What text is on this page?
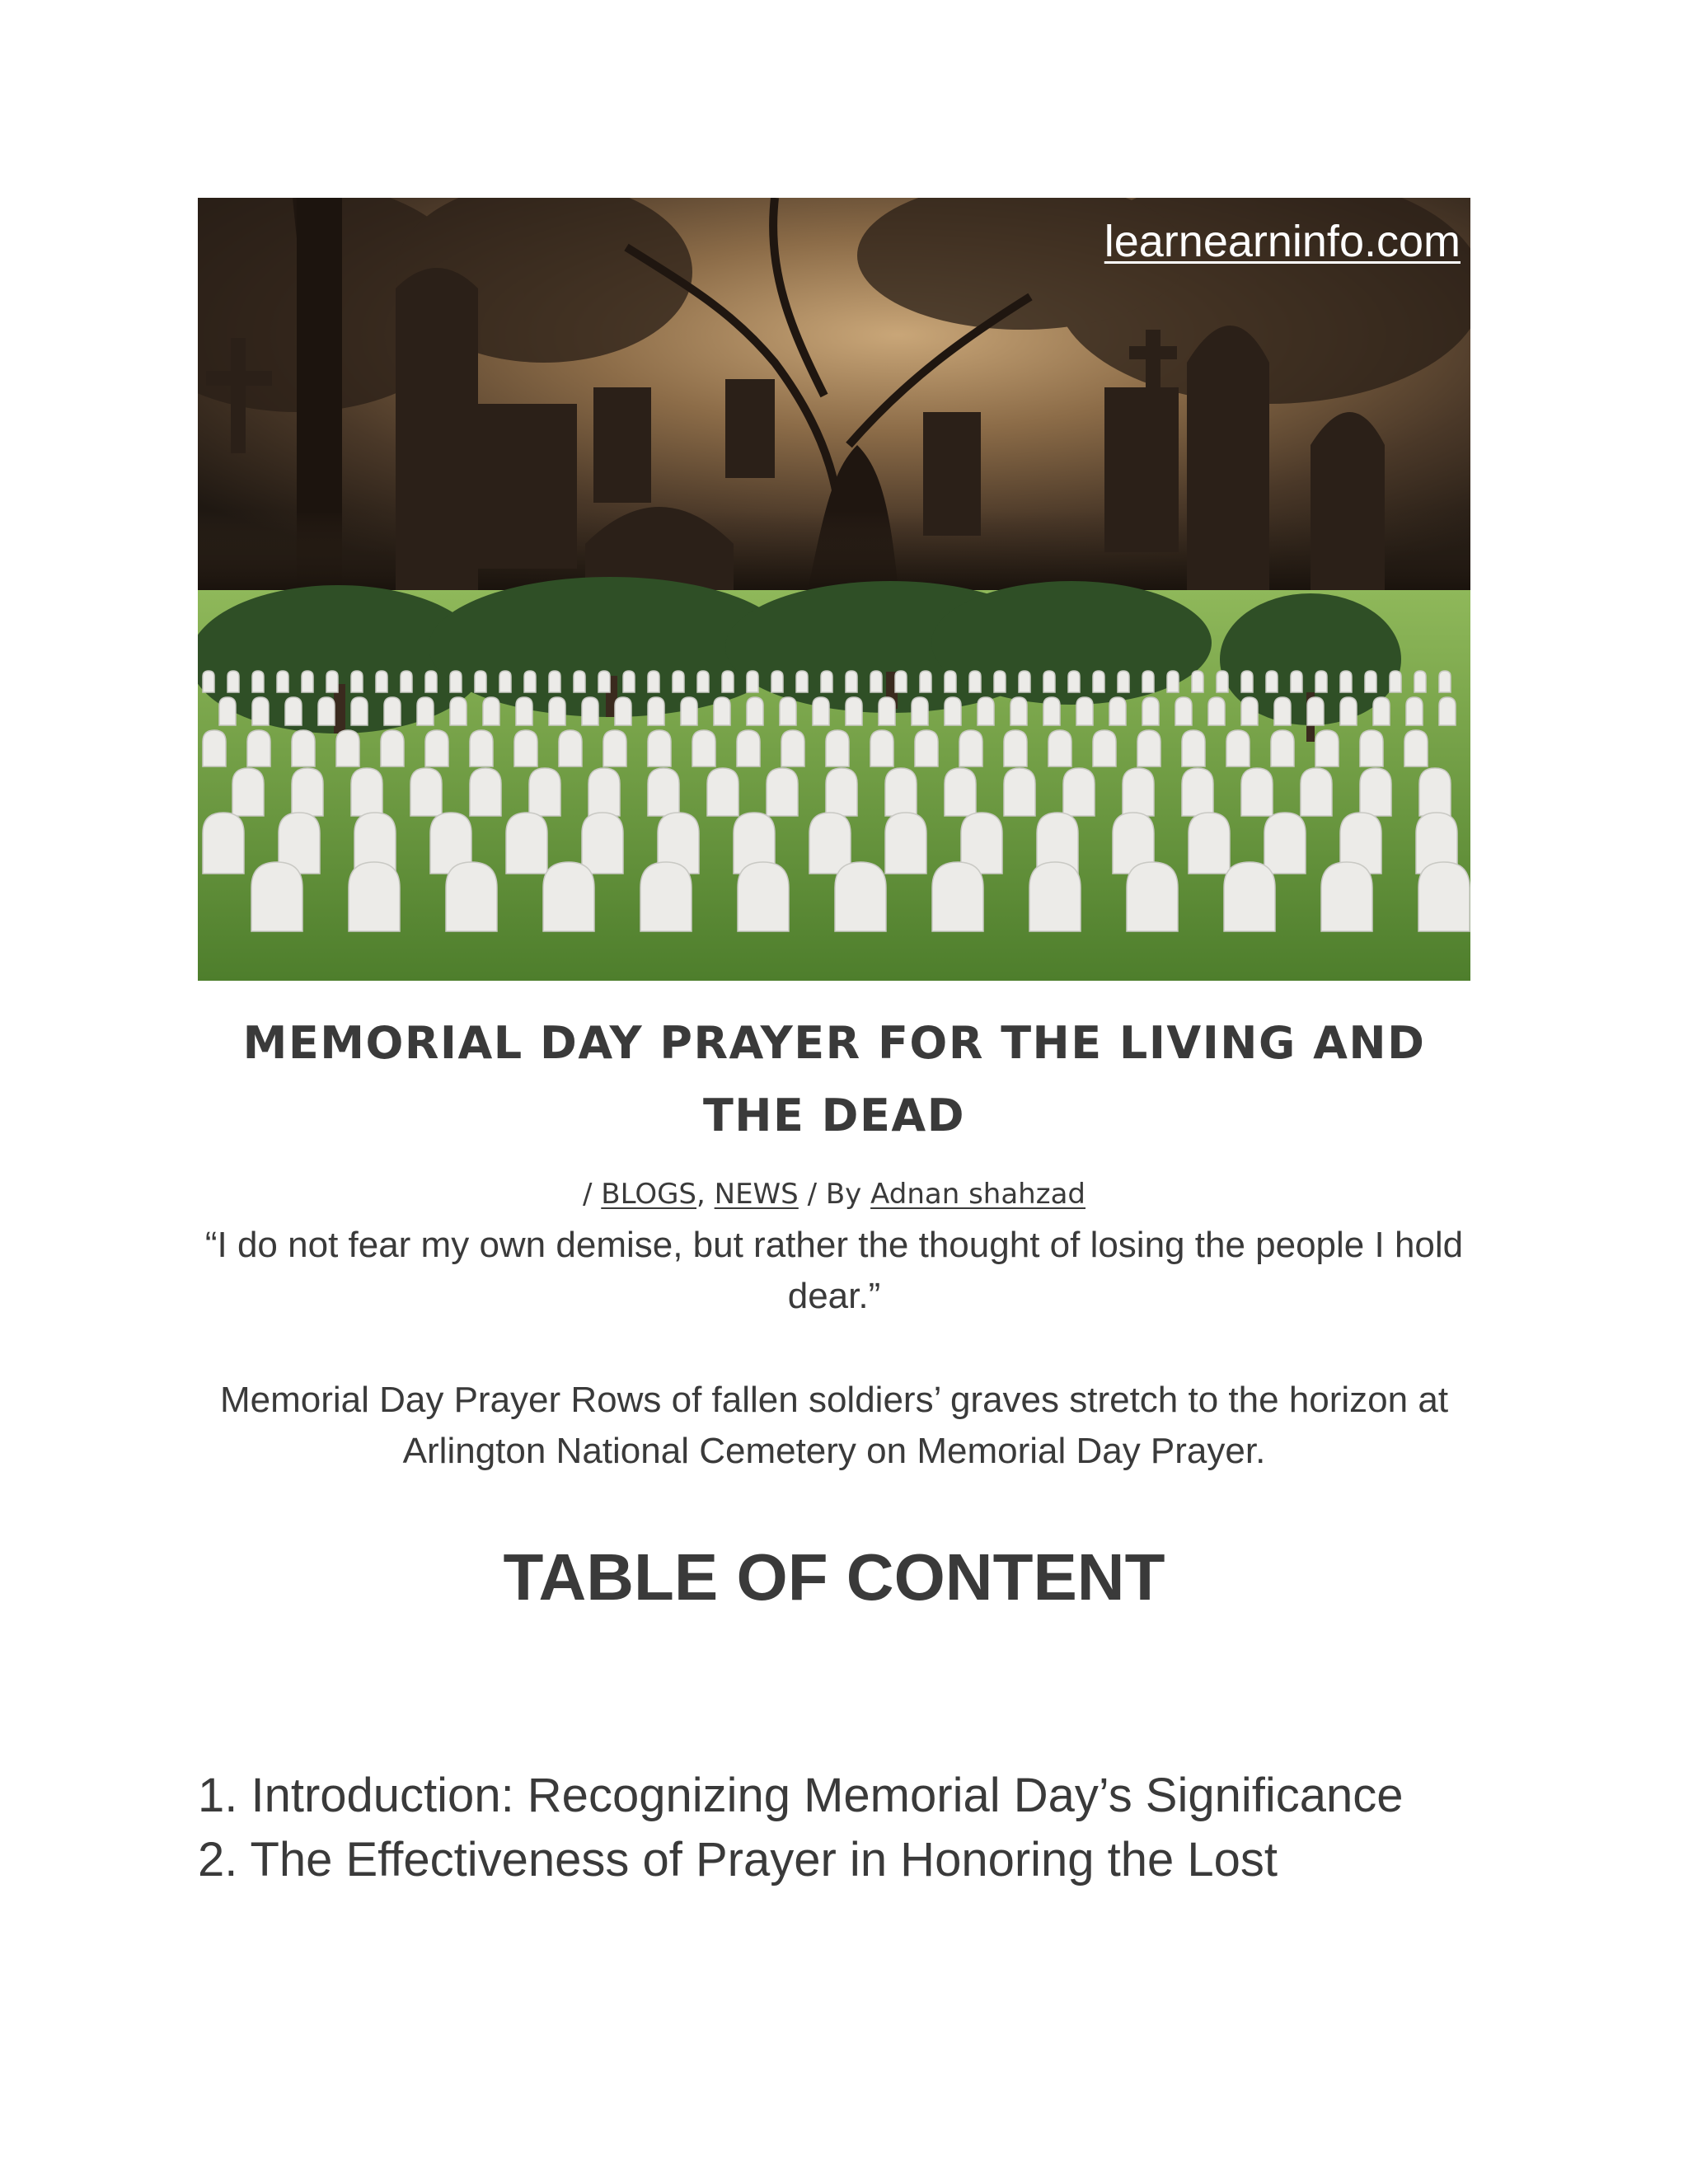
learnearninfo.com
MEMORIAL DAY PRAYER FOR THE LIVING AND THE DEAD
/ BLOGS, NEWS / By Adnan shahzad

“I do not fear my own demise, but rather the thought of losing the people I hold dear.”

Memorial Day Prayer Rows of fallen soldiers’ graves stretch to the horizon at Arlington National Cemetery on Memorial Day Prayer.

TABLE OF CONTENT
1. Introduction: Recognizing Memorial Day’s Significance
2. The Effectiveness of Prayer in Honoring the Lost
